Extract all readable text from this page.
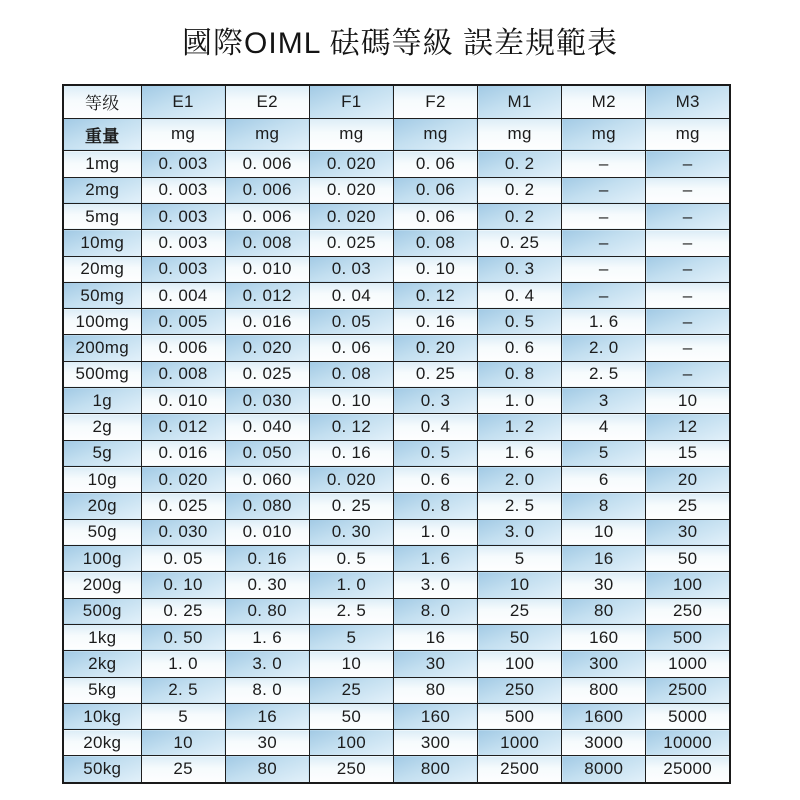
國際OIML 砝碼等級 誤差規範表
等级	E1	E2	F1	F2	M1	M2	M3
重量	mg	mg	mg	mg	mg	mg	mg
1mg	0. 003	0. 006	0. 020	0. 06	0. 2	–	–
2mg	0. 003	0. 006	0. 020	0. 06	0. 2	–	–
5mg	0. 003	0. 006	0. 020	0. 06	0. 2	–	–
10mg	0. 003	0. 008	0. 025	0. 08	0. 25	–	–
20mg	0. 003	0. 010	0. 03	0. 10	0. 3	–	–
50mg	0. 004	0. 012	0. 04	0. 12	0. 4	–	–
100mg	0. 005	0. 016	0. 05	0. 16	0. 5	1. 6	–
200mg	0. 006	0. 020	0. 06	0. 20	0. 6	2. 0	–
500mg	0. 008	0. 025	0. 08	0. 25	0. 8	2. 5	–
1g	0. 010	0. 030	0. 10	0. 3	1. 0	3	10
2g	0. 012	0. 040	0. 12	0. 4	1. 2	4	12
5g	0. 016	0. 050	0. 16	0. 5	1. 6	5	15
10g	0. 020	0. 060	0. 020	0. 6	2. 0	6	20
20g	0. 025	0. 080	0. 25	0. 8	2. 5	8	25
50g	0. 030	0. 010	0. 30	1. 0	3. 0	10	30
100g	0. 05	0. 16	0. 5	1. 6	5	16	50
200g	0. 10	0. 30	1. 0	3. 0	10	30	100
500g	0. 25	0. 80	2. 5	8. 0	25	80	250
1kg	0. 50	1. 6	5	16	50	160	500
2kg	1. 0	3. 0	10	30	100	300	1000
5kg	2. 5	8. 0	25	80	250	800	2500
10kg	5	16	50	160	500	1600	5000
20kg	10	30	100	300	1000	3000	10000
50kg	25	80	250	800	2500	8000	25000
